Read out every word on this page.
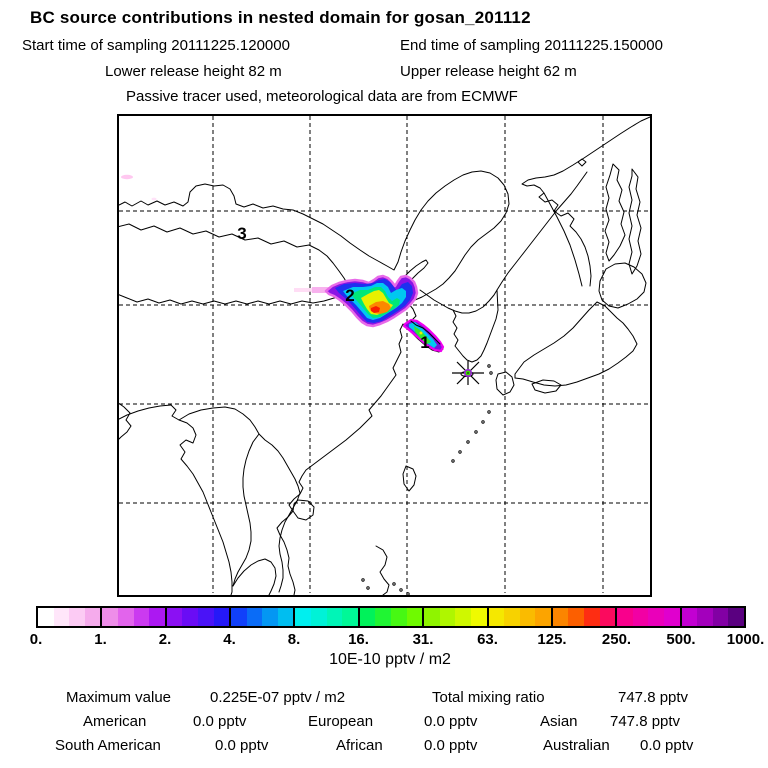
BC source contributions in nested domain for gosan_201112
Start time of sampling 20111225.120000	End time of sampling 20111225.150000
Lower release height 82 m	Upper release height 62 m
Passive tracer used, meteorological data are from ECMWF
3
2
1
0.	1.	2.	4.	8.	16.	31.	63.	125. 250. 500. 1000.
10E-10 pptv / m2
Maximum value	0.225E-07 pptv / m2	Total mixing ratio	747.8 pptv
American	0.0 pptv	European	0.0 pptv	Asian 747.8 pptv
South American	0.0 pptv	African	0.0 pptv	Australian 0.0 pptv
